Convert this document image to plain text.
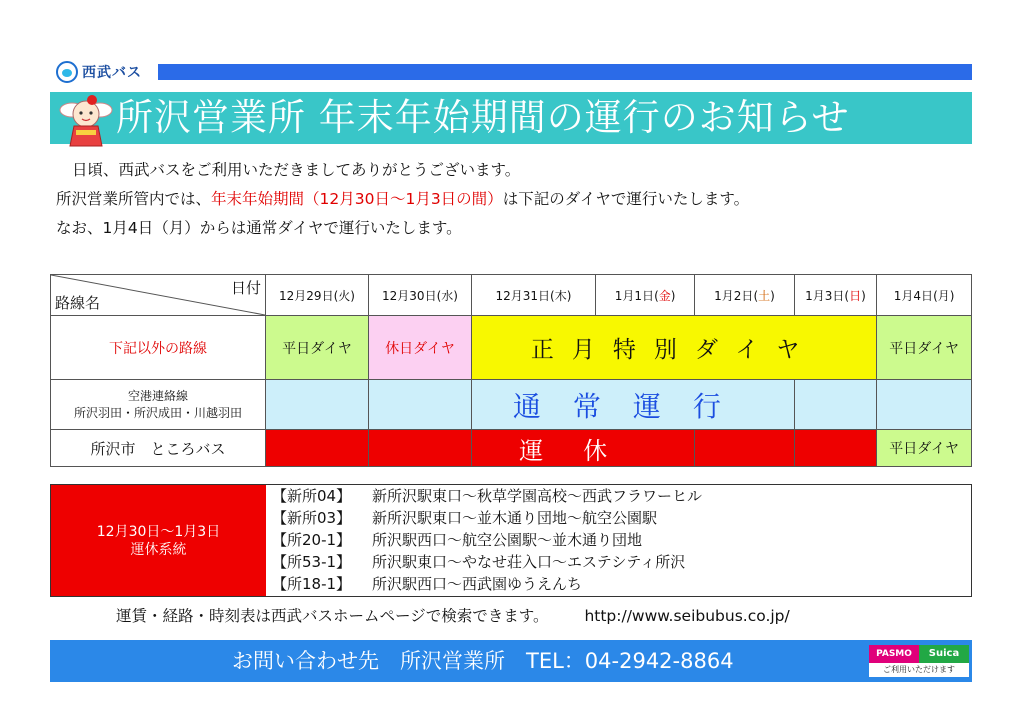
西武バス
所沢営業所 年末年始期間の運行のお知らせ
日頃、西武バスをご利用いただきましてありがとうございます。
所沢営業所管内では、年末年始期間（12月30日〜1月3日の間）は下記のダイヤで運行いたします。
なお、1月4日（月）からは通常ダイヤで運行いたします。
日付
路線名	12月29日(火)	12月30日(水)	12月31日(木)	1月1日(金)	1月2日(土)	1月3日(日)	1月4日(月)
下記以外の路線	平日ダイヤ	休日ダイヤ	正月特別ダイヤ				平日ダイヤ

空港連絡線
所沢羽田・所沢成田・川越羽田			通常運行				
所沢市　ところバス			運休				平日ダイヤ
12月30日〜1月3日
運休系統
【新所04】 新所沢駅東口〜秋草学園高校〜西武フラワーヒル
【新所03】 新所沢駅東口〜並木通り団地〜航空公園駅
【所20-1】 所沢駅西口〜航空公園駅〜並木通り団地
【所53-1】 所沢駅東口〜やなせ荘入口〜エステシティ所沢
【所18-1】 所沢駅西口〜西武園ゆうえんち
運賃・経路・時刻表は西武バスホームページで検索できます。 http://www.seibubus.co.jp/
お問い合わせ先　所沢営業所　TEL：04-2942-8864	PASMO	Suica
ご利用いただけます
